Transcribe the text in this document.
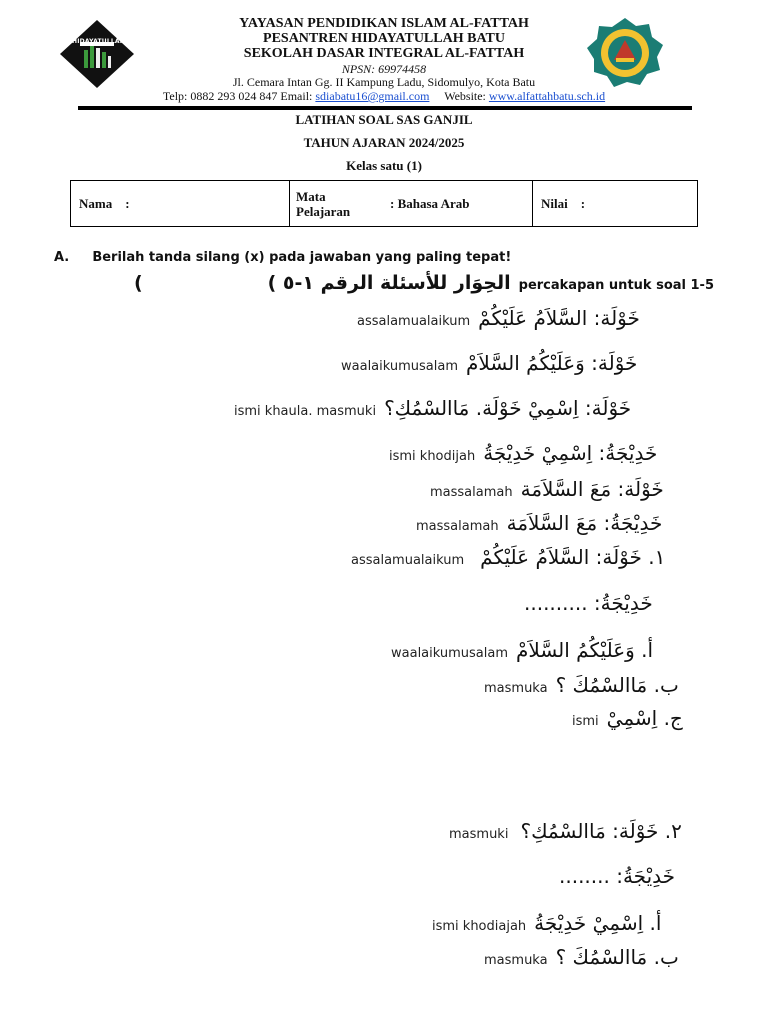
HIDAYATULLAH
YAYASAN PENDIDIKAN ISLAM AL-FATTAH
PESANTREN HIDAYATULLAH BATU
SEKOLAH DASAR INTEGRAL AL-FATTAH
NPSN: 69974458
Jl. Cemara Intan Gg. II Kampung Ladu, Sidomulyo, Kota Batu
Telp: 0882 293 024 847 Email: sdiabatu16@gmail.com Website: www.alfattahbatu.sch.id
LATIHAN SOAL SAS GANJIL
TAHUN AJARAN 2024/2025
Kelas satu (1)
Nama :	Mata
Pelajaran
: Bahasa Arab	Nilai :
A. Berilah tanda silang (x) pada jawaban yang paling tepat!
(	الحِوَار للأسئلة الرقم ١-٥ ) percakapan untuk soal 1-5
assalamualaikum خَوْلَة: السَّلاَمُ عَلَيْكُمْ
waalaikumusalam خَوْلَة: وَعَلَيْكُمُ السَّلاَمْ
ismi khaula. masmuki خَوْلَة: اِسْمِيْ خَوْلَة. مَاالسْمُكِ؟
ismi khodijah خَدِيْجَةُ: اِسْمِيْ خَدِيْجَةُ
massalamah خَوْلَة: مَعَ السَّلاَمَة
massalamah خَدِيْجَةُ: مَعَ السَّلاَمَة
assalamualaikum ١. خَوْلَة: السَّلاَمُ عَلَيْكُمْ
خَدِيْجَةُ: ..........
waalaikumusalam أ. وَعَلَيْكُمُ السَّلاَمْ
masmuka ب. مَاالسْمُكَ ؟
ismi ج. اِسْمِيْ
masmuki ٢. خَوْلَة: مَاالسْمُكِ؟
خَدِيْجَةُ: ........
ismi khodiajah أ. اِسْمِيْ خَدِيْجَةُ
masmuka ب. مَاالسْمُكَ ؟
